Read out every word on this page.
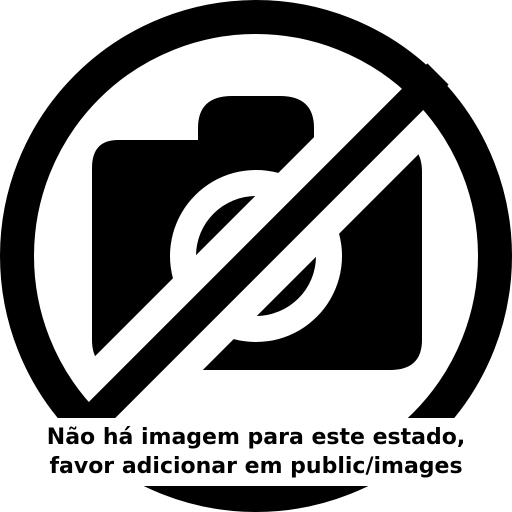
Não há imagem para este estado,
favor adicionar em public/images
